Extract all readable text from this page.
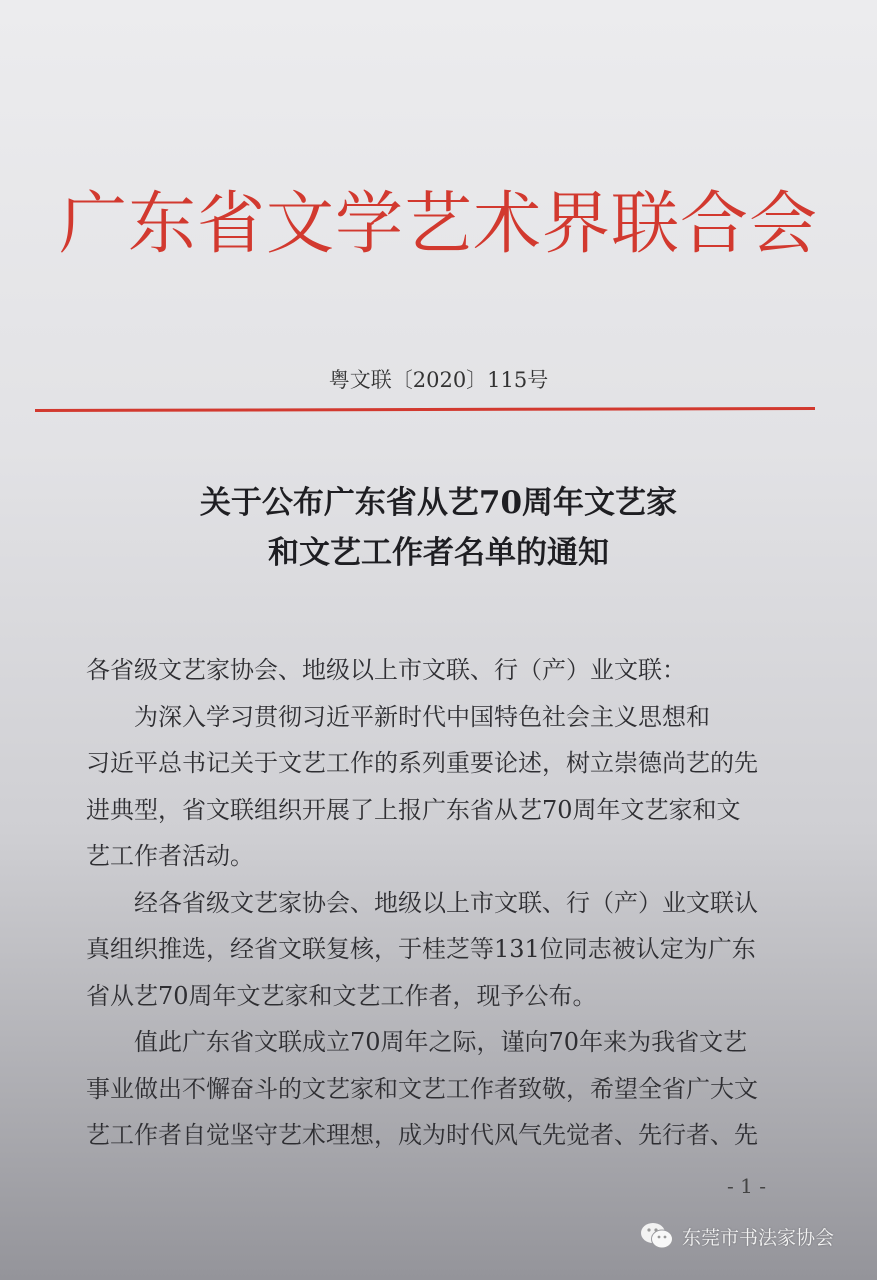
广东省文学艺术界联合会
粤文联〔2020〕115号
关于公布广东省从艺70周年文艺家
和文艺工作者名单的通知

各省级文艺家协会、地级以上市文联、行（产）业文联：

为深入学习贯彻习近平新时代中国特色社会主义思想和

习近平总书记关于文艺工作的系列重要论述，树立崇德尚艺的先

进典型，省文联组织开展了上报广东省从艺70周年文艺家和文

艺工作者活动。

经各省级文艺家协会、地级以上市文联、行（产）业文联认

真组织推选，经省文联复核，于桂芝等131位同志被认定为广东

省从艺70周年文艺家和文艺工作者，现予公布。

值此广东省文联成立70周年之际，谨向70年来为我省文艺

事业做出不懈奋斗的文艺家和文艺工作者致敬，希望全省广大文

艺工作者自觉坚守艺术理想，成为时代风气先觉者、先行者、先

- 1 -
东莞市书法家协会
